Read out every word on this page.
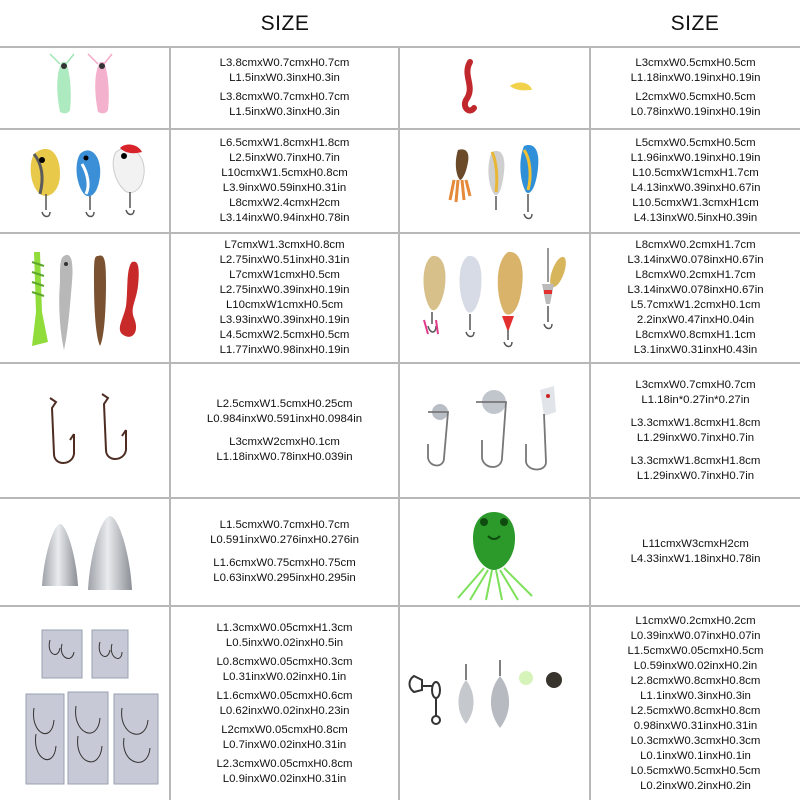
SIZE	SIZE
L3.8cmxW0.7cmxH0.7cm
L1.5inxW0.3inxH0.3in
L3.8cmxW0.7cmxH0.7cm
L1.5inxW0.3inxH0.3in
L3cmxW0.5cmxH0.5cm
L1.18inxW0.19inxH0.19in
L2cmxW0.5cmxH0.5cm
L0.78inxW0.19inxH0.19in
L6.5cmxW1.8cmxH1.8cm
L2.5inxW0.7inxH0.7in
L10cmxW1.5cmxH0.8cm
L3.9inxW0.59inxH0.31in
L8cmxW2.4cmxH2cm
L3.14inxW0.94inxH0.78in
L5cmxW0.5cmxH0.5cm
L1.96inxW0.19inxH0.19in
L10.5cmxW1cmxH1.7cm
L4.13inxW0.39inxH0.67in
L10.5cmxW1.3cmxH1cm
L4.13inxW0.5inxH0.39in
L7cmxW1.3cmxH0.8cm
L2.75inxW0.51inxH0.31in
L7cmxW1cmxH0.5cm
L2.75inxW0.39inxH0.19in
L10cmxW1cmxH0.5cm
L3.93inxW0.39inxH0.19in
L4.5cmxW2.5cmxH0.5cm
L1.77inxW0.98inxH0.19in
L8cmxW0.2cmxH1.7cm
L3.14inxW0.078inxH0.67in
L8cmxW0.2cmxH1.7cm
L3.14inxW0.078inxH0.67in
L5.7cmxW1.2cmxH0.1cm
2.2inxW0.47inxH0.04in
L8cmxW0.8cmxH1.1cm
L3.1inxW0.31inxH0.43in
L2.5cmxW1.5cmxH0.25cm
L0.984inxW0.591inxH0.0984in
L3cmxW2cmxH0.1cm
L1.18inxW0.78inxH0.039in
L3cmxW0.7cmxH0.7cm
L1.18in*0.27in*0.27in
L3.3cmxW1.8cmxH1.8cm
L1.29inxW0.7inxH0.7in
L3.3cmxW1.8cmxH1.8cm
L1.29inxW0.7inxH0.7in
L1.5cmxW0.7cmxH0.7cm
L0.591inxW0.276inxH0.276in
L1.6cmxW0.75cmxH0.75cm
L0.63inxW0.295inxH0.295in
L11cmxW3cmxH2cm
L4.33inxW1.18inxH0.78in
L1.3cmxW0.05cmxH1.3cm
L0.5inxW0.02inxH0.5in
L0.8cmxW0.05cmxH0.3cm
L0.31inxW0.02inxH0.1in
L1.6cmxW0.05cmxH0.6cm
L0.62inxW0.02inxH0.23in
L2cmxW0.05cmxH0.8cm
L0.7inxW0.02inxH0.31in
L2.3cmxW0.05cmxH0.8cm
L0.9inxW0.02inxH0.31in
L1cmxW0.2cmxH0.2cm
L0.39inxW0.07inxH0.07in
L1.5cmxW0.05cmxH0.5cm
L0.59inxW0.02inxH0.2in
L2.8cmxW0.8cmxH0.8cm
L1.1inxW0.3inxH0.3in
L2.5cmxW0.8cmxH0.8cm
0.98inxW0.31inxH0.31in
L0.3cmxW0.3cmxH0.3cm
L0.1inxW0.1inxH0.1in
L0.5cmxW0.5cmxH0.5cm
L0.2inxW0.2inxH0.2in
